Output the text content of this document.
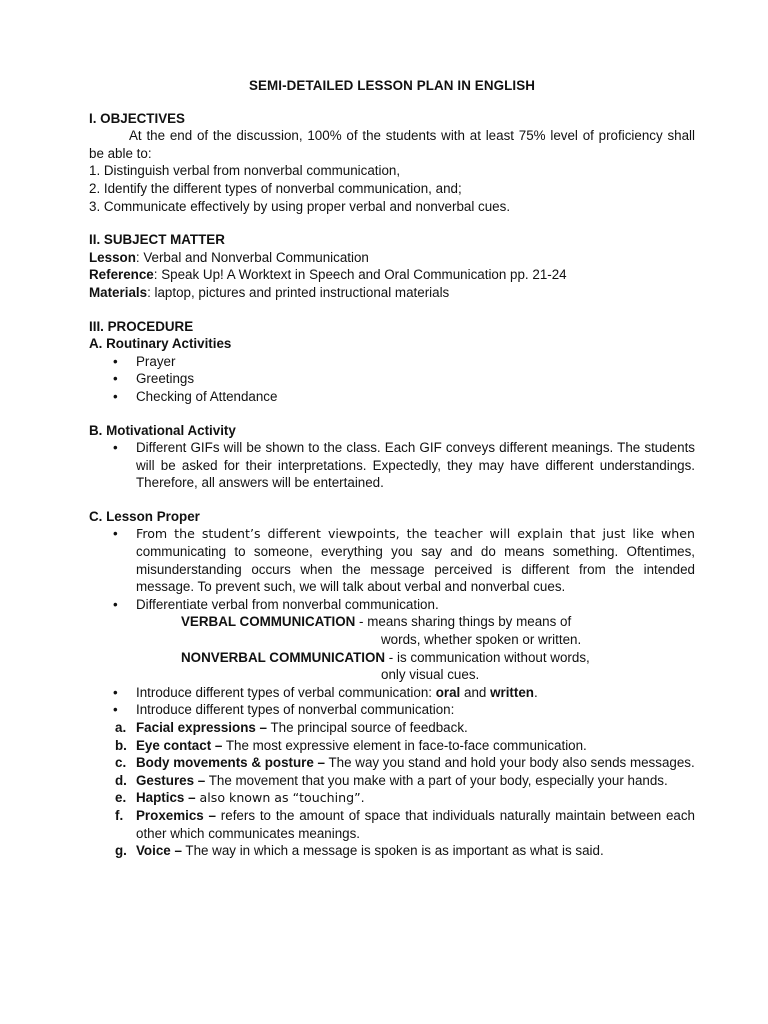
SEMI-DETAILED LESSON PLAN IN ENGLISH
I. OBJECTIVES
At the end of the discussion, 100% of the students with at least 75% level of proficiency shall be able to:
1. Distinguish verbal from nonverbal communication,
2. Identify the different types of nonverbal communication, and;
3. Communicate effectively by using proper verbal and nonverbal cues.
II. SUBJECT MATTER
Lesson: Verbal and Nonverbal Communication
Reference: Speak Up! A Worktext in Speech and Oral Communication pp. 21-24
Materials: laptop, pictures and printed instructional materials
III. PROCEDURE
A. Routinary Activities
• Prayer
• Greetings
• Checking of Attendance
B. Motivational Activity
• Different GIFs will be shown to the class. Each GIF conveys different meanings. The students will be asked for their interpretations. Expectedly, they may have different understandings. Therefore, all answers will be entertained.
C. Lesson Proper
• From the student’s different viewpoints, the teacher will explain that just like when communicating to someone, everything you say and do means something. Oftentimes, misunderstanding occurs when the message perceived is different from the intended message. To prevent such, we will talk about verbal and nonverbal cues.
• Differentiate verbal from nonverbal communication.
VERBAL COMMUNICATION - means sharing things by means of
words, whether spoken or written.
NONVERBAL COMMUNICATION - is communication without words,
only visual cues.
• Introduce different types of verbal communication: oral and written.
• Introduce different types of nonverbal communication:
a. Facial expressions – The principal source of feedback.
b. Eye contact – The most expressive element in face-to-face communication.
c. Body movements & posture – The way you stand and hold your body also sends messages.
d. Gestures – The movement that you make with a part of your body, especially your hands.
e. Haptics – also known as “touching”.
f. Proxemics – refers to the amount of space that individuals naturally maintain between each other which communicates meanings.
g. Voice – The way in which a message is spoken is as important as what is said.
